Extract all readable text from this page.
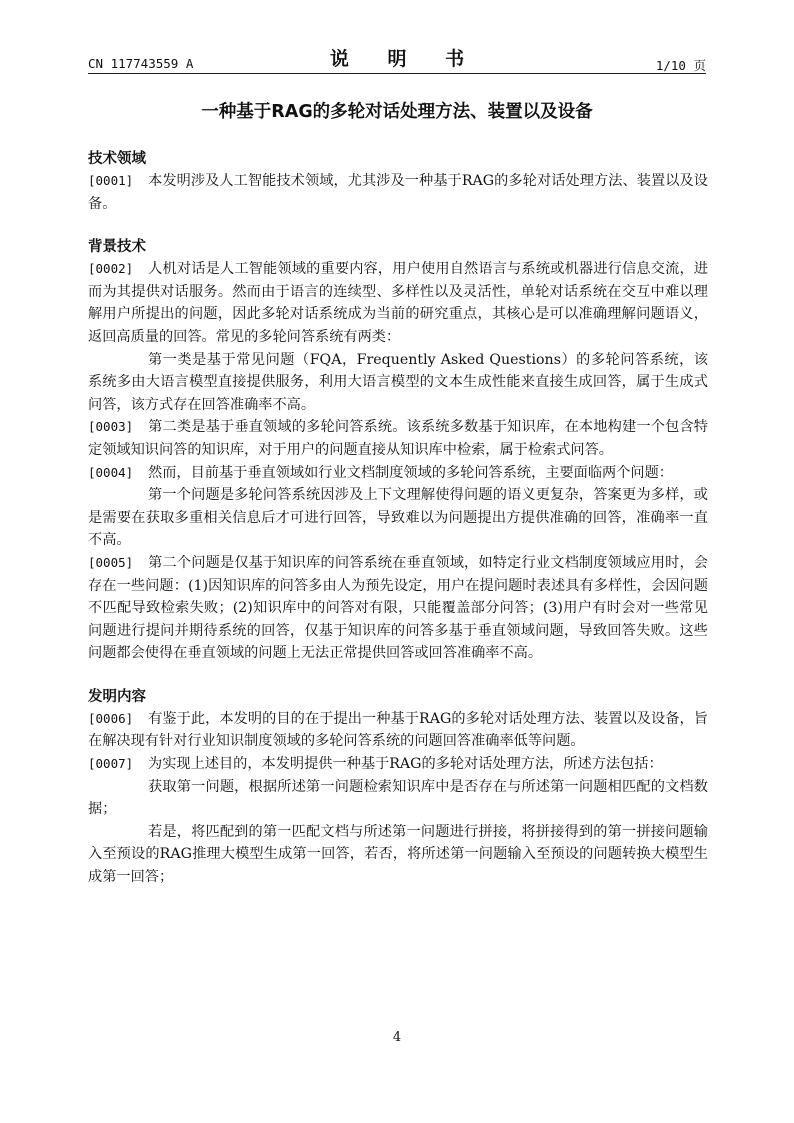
CN 117743559 A	说 明 书	1/10 页
一种基于RAG的多轮对话处理方法、装置以及设备
技术领域

[0001] 本发明涉及人工智能技术领域，尤其涉及一种基于RAG的多轮对话处理方法、装置以及设备。

背景技术

[0002] 人机对话是人工智能领域的重要内容，用户使用自然语言与系统或机器进行信息交流，进而为其提供对话服务。然而由于语言的连续型、多样性以及灵活性，单轮对话系统在交互中难以理解用户所提出的问题，因此多轮对话系统成为当前的研究重点，其核心是可以准确理解问题语义，返回高质量的回答。常见的多轮问答系统有两类：

第一类是基于常见问题（FQA，Frequently Asked Questions）的多轮问答系统，该系统多由大语言模型直接提供服务，利用大语言模型的文本生成性能来直接生成回答，属于生成式问答，该方式存在回答准确率不高。

[0003] 第二类是基于垂直领域的多轮问答系统。该系统多数基于知识库，在本地构建一个包含特定领域知识问答的知识库，对于用户的问题直接从知识库中检索，属于检索式问答。

[0004] 然而，目前基于垂直领域如行业文档制度领域的多轮问答系统，主要面临两个问题：

第一个问题是多轮问答系统因涉及上下文理解使得问题的语义更复杂，答案更为多样，或是需要在获取多重相关信息后才可进行回答，导致难以为问题提出方提供准确的回答，准确率一直不高。

[0005] 第二个问题是仅基于知识库的问答系统在垂直领域，如特定行业文档制度领域应用时，会存在一些问题：(1)因知识库的问答多由人为预先设定，用户在提问题时表述具有多样性，会因问题不匹配导致检索失败；(2)知识库中的问答对有限，只能覆盖部分问答；(3)用户有时会对一些常见问题进行提问并期待系统的回答，仅基于知识库的问答多基于垂直领域问题，导致回答失败。这些问题都会使得在垂直领域的问题上无法正常提供回答或回答准确率不高。

发明内容

[0006] 有鉴于此，本发明的目的在于提出一种基于RAG的多轮对话处理方法、装置以及设备，旨在解决现有针对行业知识制度领域的多轮问答系统的问题回答准确率低等问题。

[0007] 为实现上述目的，本发明提供一种基于RAG的多轮对话处理方法，所述方法包括：

获取第一问题，根据所述第一问题检索知识库中是否存在与所述第一问题相匹配的文档数据；

若是，将匹配到的第一匹配文档与所述第一问题进行拼接，将拼接得到的第一拼接问题输入至预设的RAG推理大模型生成第一回答，若否，将所述第一问题输入至预设的问题转换大模型生成第一回答；

4
